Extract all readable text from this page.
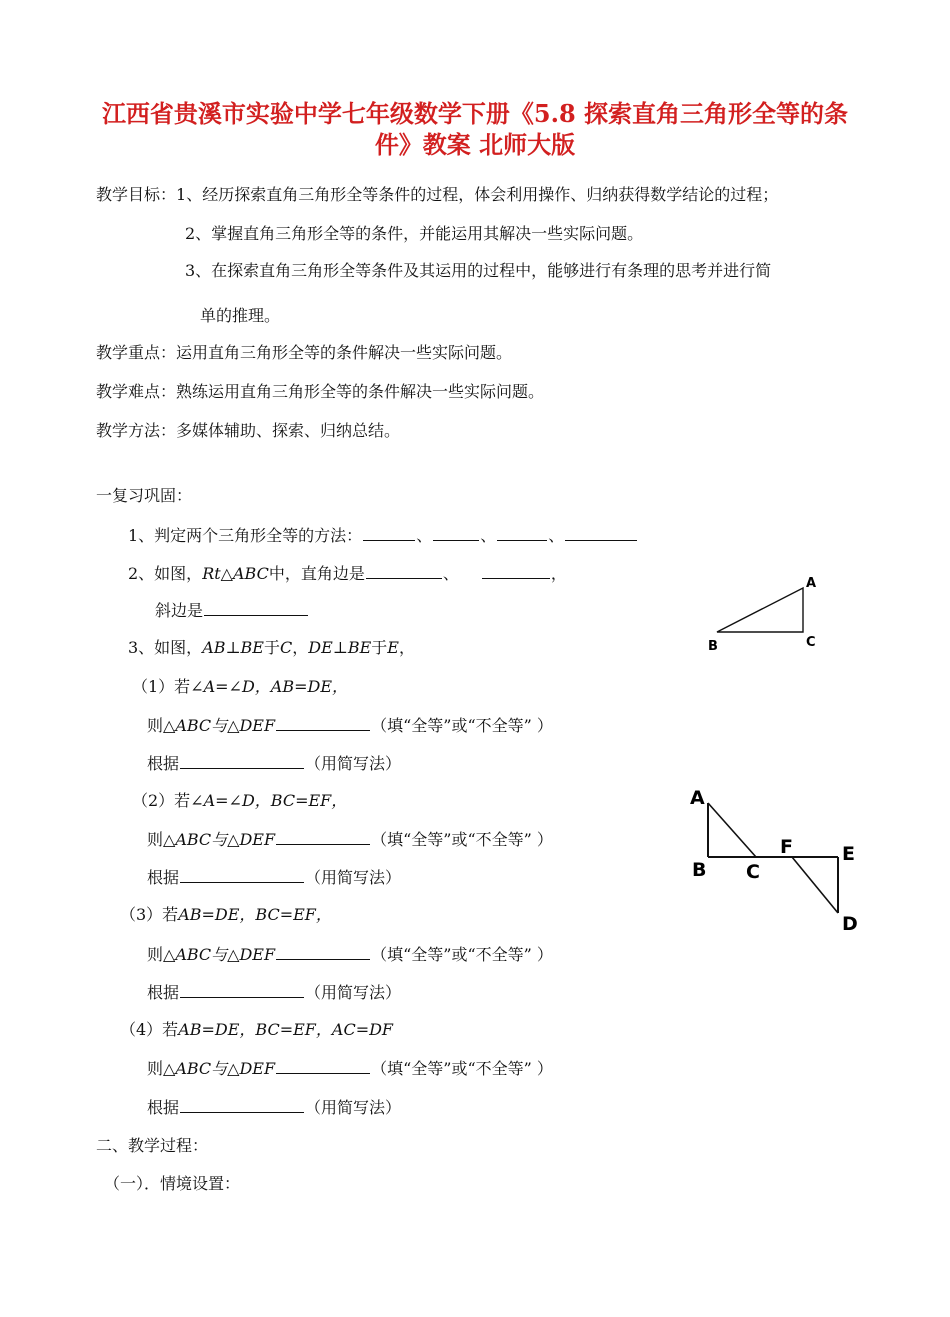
江西省贵溪市实验中学七年级数学下册《5.8 探索直角三角形全等的条
件》教案 北师大版
教学目标：1、经历探索直角三角形全等条件的过程，体会利用操作、归纳获得数学结论的过程；
2、掌握直角三角形全等的条件，并能运用其解决一些实际问题。
3、在探索直角三角形全等条件及其运用的过程中，能够进行有条理的思考并进行简
单的推理。
教学重点：运用直角三角形全等的条件解决一些实际问题。
教学难点：熟练运用直角三角形全等的条件解决一些实际问题。
教学方法：多媒体辅助、探索、归纳总结。
一复习巩固：
1、判定两个三角形全等的方法：	、	、	、
2、如图，Rt△ABC中，直角边是	、	，
斜边是
3、如图，AB⊥BE于C，DE⊥BE于E，
（1）若∠A=∠D，AB=DE，
则△ABC与△DEF	（填“全等”或“不全等” ）
根据	（用简写法）
（2）若∠A=∠D，BC=EF，
则△ABC与△DEF	（填“全等”或“不全等” ）
根据	（用简写法）
（3）若AB=DE，BC=EF，
则△ABC与△DEF	（填“全等”或“不全等” ）
根据	（用简写法）
（4）若AB=DE，BC=EF，AC=DF
则△ABC与△DEF	（填“全等”或“不全等” ）
根据	（用简写法）
二、教学过程：
（一）．情境设置：
A
B	C
A
B C
F	E
D
